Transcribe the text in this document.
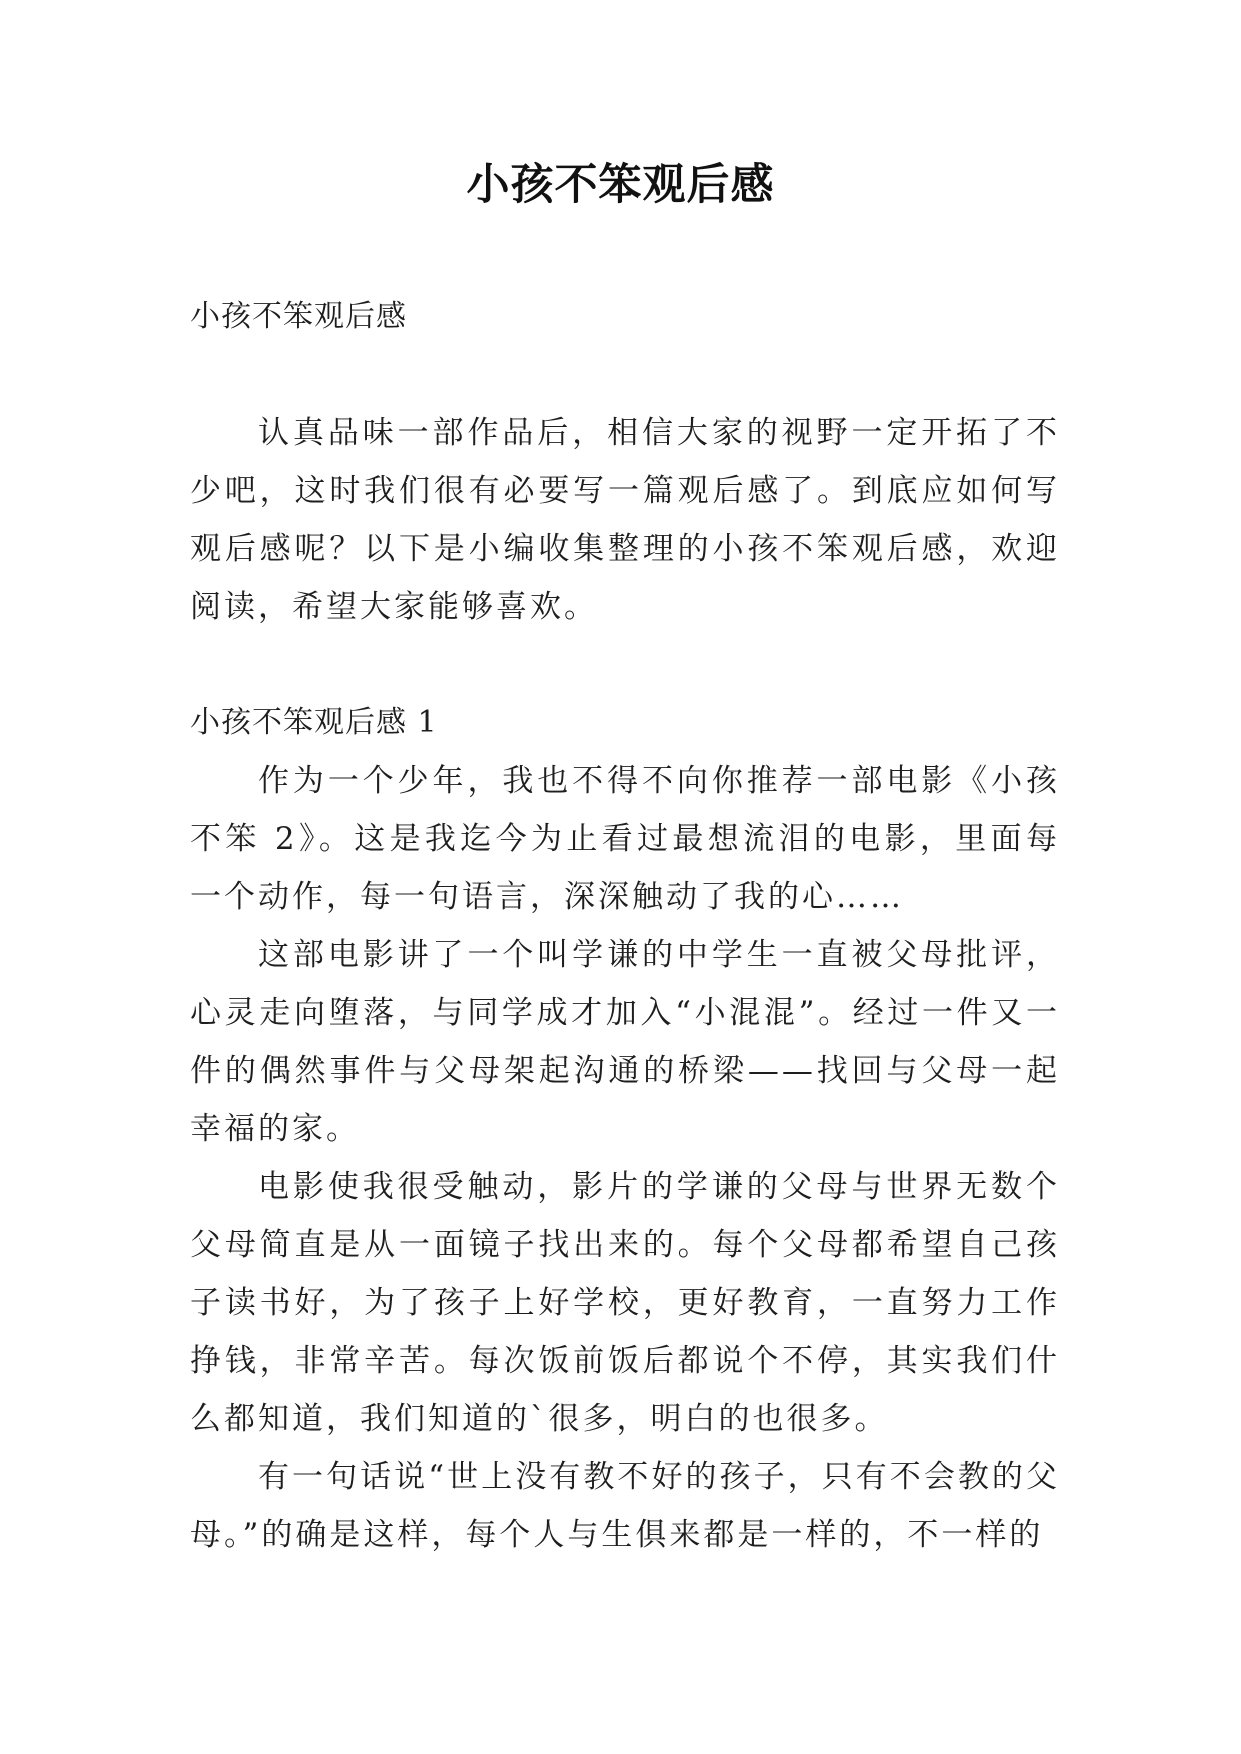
小孩不笨观后感

小孩不笨观后感

认真品味一部作品后，相信大家的视野一定开拓了不少吧，这时我们很有必要写一篇观后感了。到底应如何写观后感呢？以下是小编收集整理的小孩不笨观后感，欢迎阅读，希望大家能够喜欢。

小孩不笨观后感 1

作为一个少年，我也不得不向你推荐一部电影《小孩不笨 2》。这是我迄今为止看过最想流泪的电影，里面每一个动作，每一句语言，深深触动了我的心……

这部电影讲了一个叫学谦的中学生一直被父母批评，心灵走向堕落，与同学成才加入“小混混”。经过一件又一件的偶然事件与父母架起沟通的桥梁——找回与父母一起幸福的家。

电影使我很受触动，影片的学谦的父母与世界无数个父母简直是从一面镜子找出来的。每个父母都希望自己孩子读书好，为了孩子上好学校，更好教育，一直努力工作挣钱，非常辛苦。每次饭前饭后都说个不停，其实我们什么都知道，我们知道的`很多，明白的也很多。

有一句话说“世上没有教不好的孩子，只有不会教的父母。”的确是这样，每个人与生俱来都是一样的，不一样的
